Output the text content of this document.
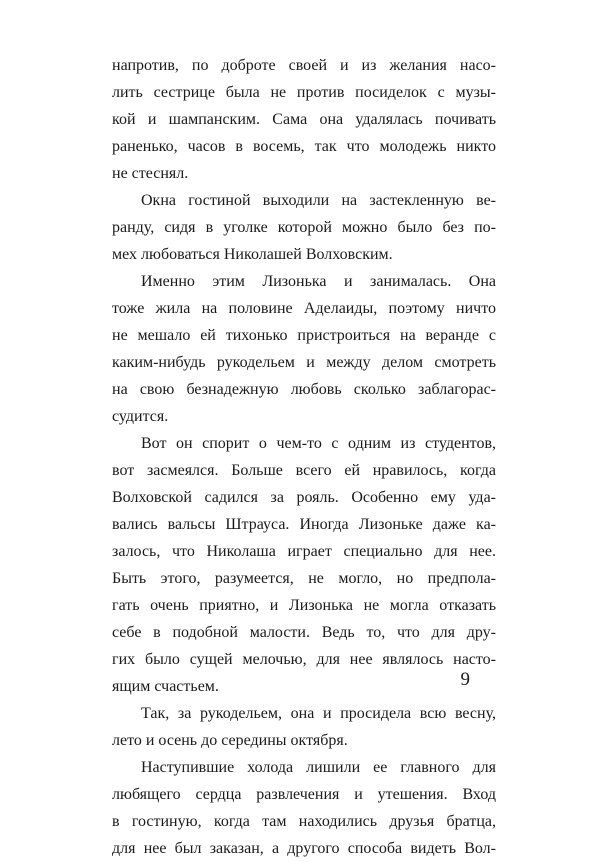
напротив, по доброте своей и из желания насо-
лить сестрице была не против посиделок с музы-
кой и шампанским. Сама она удалялась почивать
раненько, часов в восемь, так что молодежь никто
не стеснял.
Окна гостиной выходили на застекленную ве-
ранду, сидя в уголке которой можно было без по-
мех любоваться Николашей Волховским.
Именно этим Лизонька и занималась. Она
тоже жила на половине Аделаиды, поэтому ничто
не мешало ей тихонько пристроиться на веранде с
каким-нибудь рукодельем и между делом смотреть
на свою безнадежную любовь сколько заблагорас-
судится.
Вот он спорит о чем-то с одним из студентов,
вот засмеялся. Больше всего ей нравилось, когда
Волховской садился за рояль. Особенно ему уда-
вались вальсы Штрауса. Иногда Лизоньке даже ка-
залось, что Николаша играет специально для нее.
Быть этого, разумеется, не могло, но предпола-
гать очень приятно, и Лизонька не могла отказать
себе в подобной малости. Ведь то, что для дру-
гих было сущей мелочью, для нее являлось насто-
ящим счастьем.
Так, за рукодельем, она и просидела всю весну,
лето и осень до середины октября.
Наступившие холода лишили ее главного для
любящего сердца развлечения и утешения. Вход
в гостиную, когда там находились друзья братца,
для нее был заказан, а другого способа видеть Вол-
9
